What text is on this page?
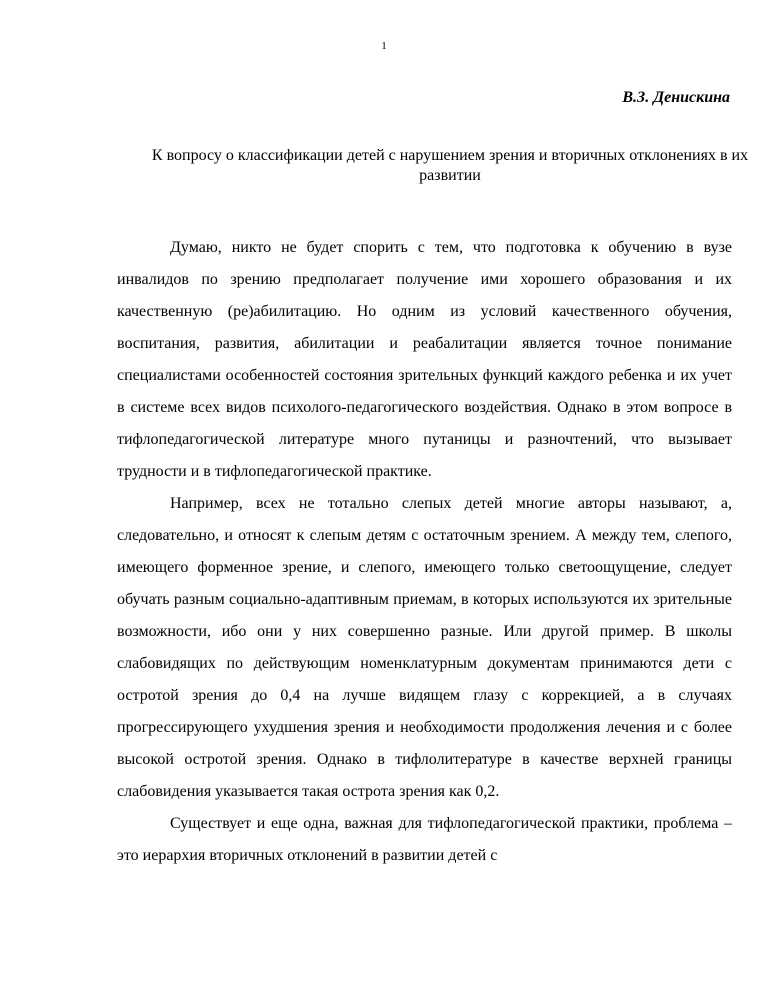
1
В.З. Денискина
К вопросу о классификации детей с нарушением зрения и вторичных отклонениях в их развитии

Думаю, никто не будет спорить с тем, что подготовка к обучению в вузе инвалидов по зрению предполагает получение ими хорошего образования и их качественную (ре)абилитацию. Но одним из условий качественного обучения, воспитания, развития, абилитации и реабалитации является точное понимание специалистами особенностей состояния зрительных функций каждого ребенка и их учет в системе всех видов психолого-педагогического воздействия. Однако в этом вопросе в тифлопедагогической литературе много путаницы и разночтений, что вызывает трудности и в тифлопедагогической практике.

Например, всех не тотально слепых детей многие авторы называют, а, следовательно, и относят к слепым детям с остаточным зрением. А между тем, слепого, имеющего форменное зрение, и слепого, имеющего только светоощущение, следует обучать разным социально-адаптивным приемам, в которых используются их зрительные возможности, ибо они у них совершенно разные. Или другой пример. В школы слабовидящих по действующим номенклатурным документам принимаются дети с остротой зрения до 0,4 на лучше видящем глазу с коррекцией, а в случаях прогрессирующего ухудшения зрения и необходимости продолжения лечения и с более высокой остротой зрения. Однако в тифлолитературе в качестве верхней границы слабовидения указывается такая острота зрения как 0,2.

Существует и еще одна, важная для тифлопедагогической практики, проблема – это иерархия вторичных отклонений в развитии детей с
